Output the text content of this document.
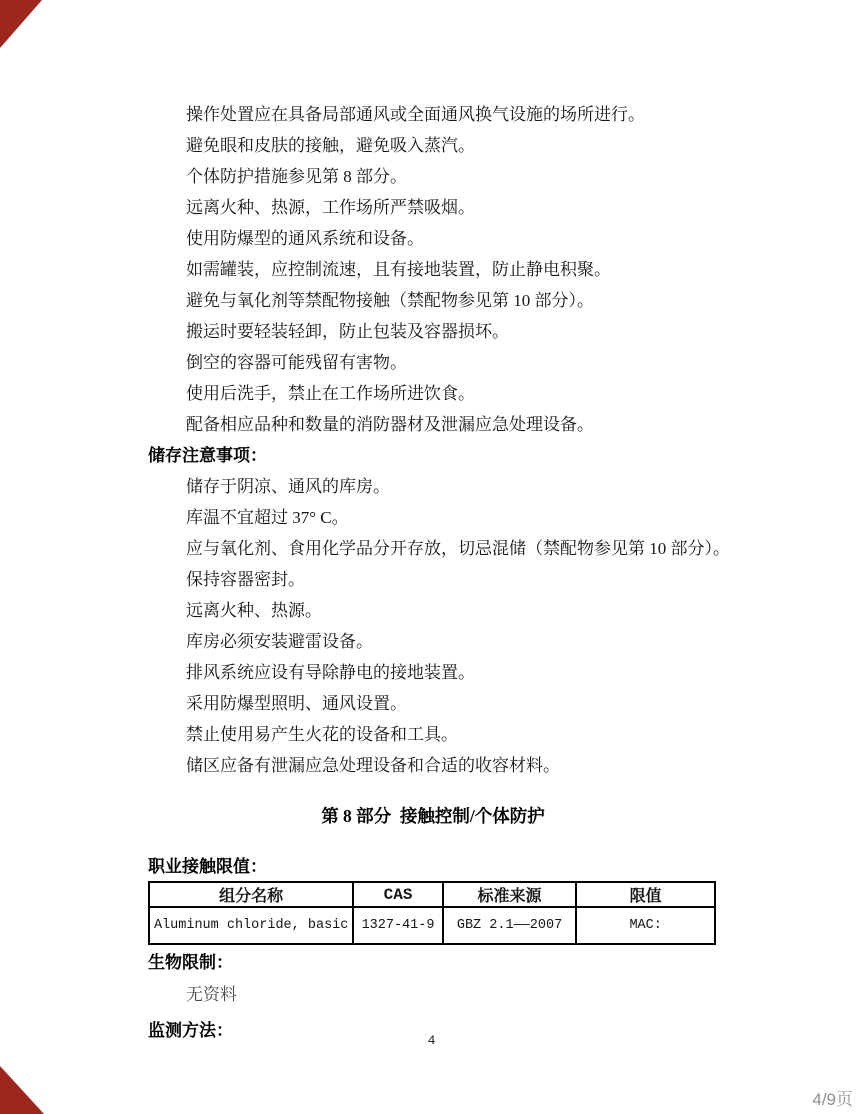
操作处置应在具备局部通风或全面通风换气设施的场所进行。
避免眼和皮肤的接触，避免吸入蒸汽。
个体防护措施参见第 8 部分。
远离火种、热源，工作场所严禁吸烟。
使用防爆型的通风系统和设备。
如需罐装，应控制流速，且有接地装置，防止静电积聚。
避免与氧化剂等禁配物接触（禁配物参见第 10 部分）。
搬运时要轻装轻卸，防止包装及容器损坏。
倒空的容器可能残留有害物。
使用后洗手，禁止在工作场所进饮食。
配备相应品种和数量的消防器材及泄漏应急处理设备。
储存注意事项：
储存于阴凉、通风的库房。
库温不宜超过 37° C。
应与氧化剂、食用化学品分开存放，切忌混储（禁配物参见第 10 部分）。
保持容器密封。
远离火种、热源。
库房必须安装避雷设备。
排风系统应设有导除静电的接地装置。
采用防爆型照明、通风设置。
禁止使用易产生火花的设备和工具。
储区应备有泄漏应急处理设备和合适的收容材料。
第 8 部分  接触控制/个体防护
职业接触限值：
组分名称	CAS	标准来源	限值
Aluminum chloride, basic	1327-41-9	GBZ 2.1——2007	MAC:
生物限制：
无资料
监测方法：
4
4/9页
